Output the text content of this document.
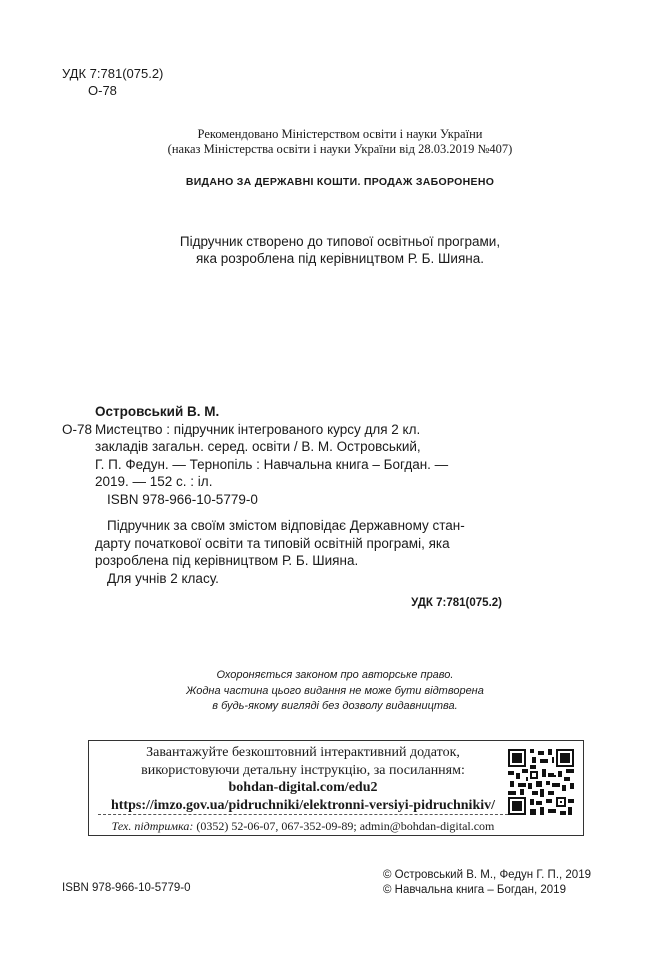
УДК 7:781(075.2)
О-78
Рекомендовано Міністерством освіти і науки України
(наказ Міністерства освіти і науки України від 28.03.2019 №407)
ВИДАНО ЗА ДЕРЖАВНІ КОШТИ. ПРОДАЖ ЗАБОРОНЕНО
Підручник створено до типової освітньої програми,
яка розроблена під керівництвом Р. Б. Шияна.
Островський В. М.
О-78 Мистецтво : підручник інтегрованого курсу для 2 кл.
закладів загальн. серед. освіти / В. М. Островський,
Г. П. Федун. — Тернопіль : Навчальна книга – Богдан. —
2019. — 152 с. : іл.
ISBN 978-966-10-5779-0
Підручник за своїм змістом відповідає Державному стан-
дарту початкової освіти та типовій освітній програмі, яка
розроблена під керівництвом Р. Б. Шияна.
Для учнів 2 класу.
УДК 7:781(075.2)
Охороняється законом про авторське право.
Жодна частина цього видання не може бути відтворена
в будь-якому вигляді без дозволу видавництва.
Завантажуйте безкоштовний інтерактивний додаток,
використовуючи детальну інструкцію, за посиланням:
bohdan-digital.com/edu2
https://imzo.gov.ua/pidruchniki/elektronni-versiyi-pidruchnikiv/
Тех. підтримка: (0352) 52-06-07, 067-352-09-89; admin@bohdan-digital.com
ISBN 978-966-10-5779-0
© Островський В. М., Федун Г. П., 2019
© Навчальна книга – Богдан, 2019
